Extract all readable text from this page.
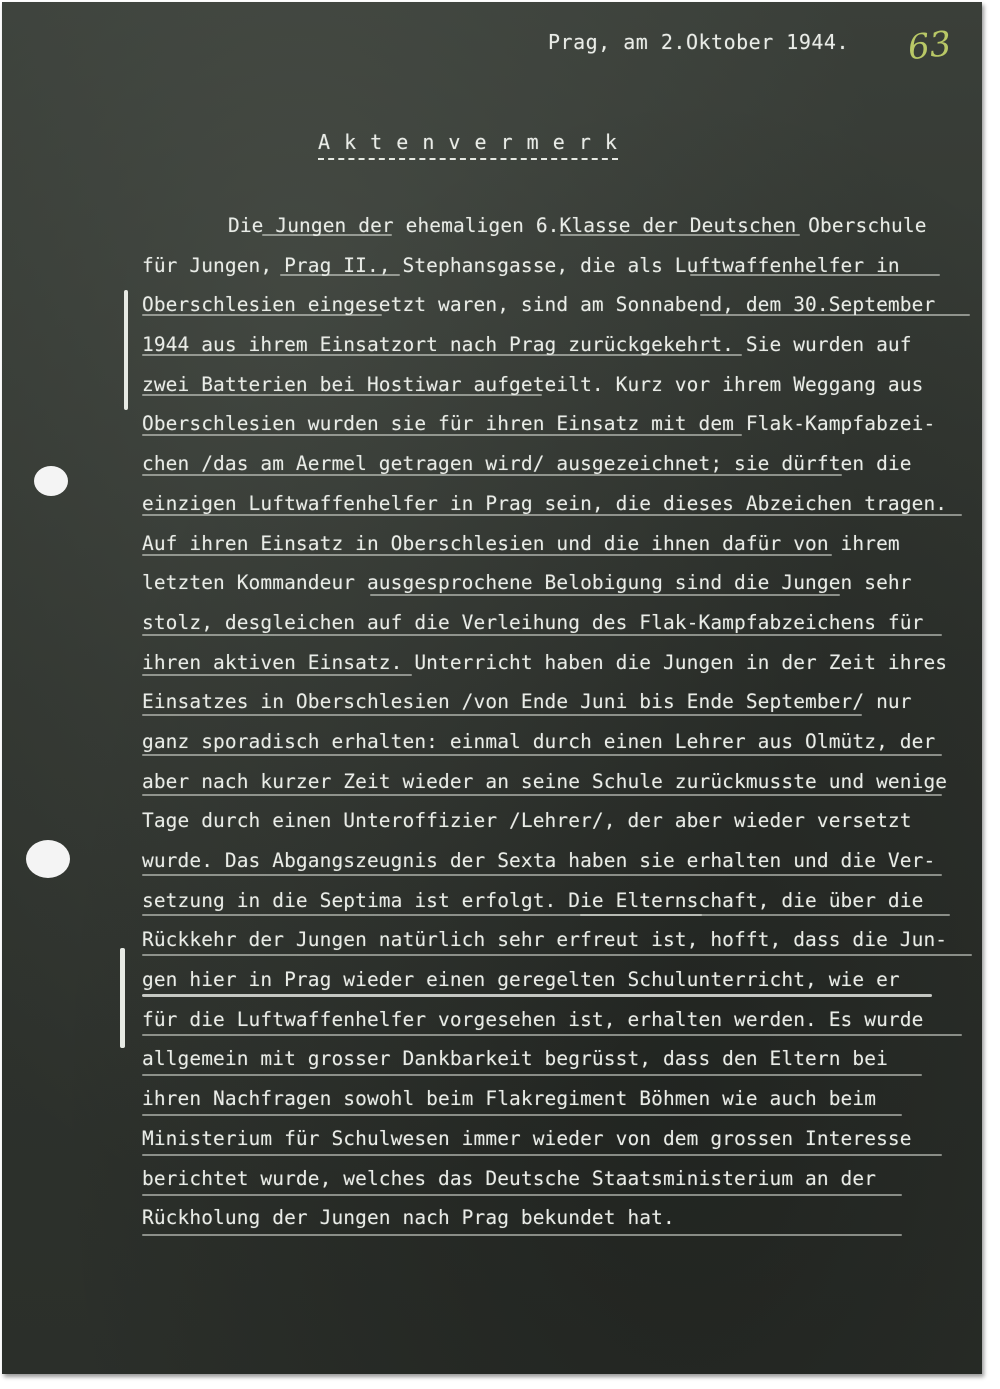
Prag, am 2.Oktober 1944. 63
A k t e n v e r m e r k
Die Jungen der ehemaligen 6.Klasse der Deutschen Oberschule
für Jungen, Prag II., Stephansgasse, die als Luftwaffenhelfer in
Oberschlesien eingesetzt waren, sind am Sonnabend, dem 30.September
1944 aus ihrem Einsatzort nach Prag zurückgekehrt. Sie wurden auf
zwei Batterien bei Hostiwar aufgeteilt. Kurz vor ihrem Weggang aus
Oberschlesien wurden sie für ihren Einsatz mit dem Flak-Kampfabzei-
chen /das am Aermel getragen wird/ ausgezeichnet; sie dürften die
einzigen Luftwaffenhelfer in Prag sein, die dieses Abzeichen tragen.
Auf ihren Einsatz in Oberschlesien und die ihnen dafür von ihrem
letzten Kommandeur ausgesprochene Belobigung sind die Jungen sehr
stolz, desgleichen auf die Verleihung des Flak-Kampfabzeichens für
ihren aktiven Einsatz. Unterricht haben die Jungen in der Zeit ihres
Einsatzes in Oberschlesien /von Ende Juni bis Ende September/ nur
ganz sporadisch erhalten: einmal durch einen Lehrer aus Olmütz, der
aber nach kurzer Zeit wieder an seine Schule zurückmusste und wenige
Tage durch einen Unteroffizier /Lehrer/, der aber wieder versetzt
wurde. Das Abgangszeugnis der Sexta haben sie erhalten und die Ver-
setzung in die Septima ist erfolgt. Die Elternschaft, die über die
Rückkehr der Jungen natürlich sehr erfreut ist, hofft, dass die Jun-
gen hier in Prag wieder einen geregelten Schulunterricht, wie er
für die Luftwaffenhelfer vorgesehen ist, erhalten werden. Es wurde
allgemein mit grosser Dankbarkeit begrüsst, dass den Eltern bei
ihren Nachfragen sowohl beim Flakregiment Böhmen wie auch beim
Ministerium für Schulwesen immer wieder von dem grossen Interesse
berichtet wurde, welches das Deutsche Staatsministerium an der
Rückholung der Jungen nach Prag bekundet hat.
